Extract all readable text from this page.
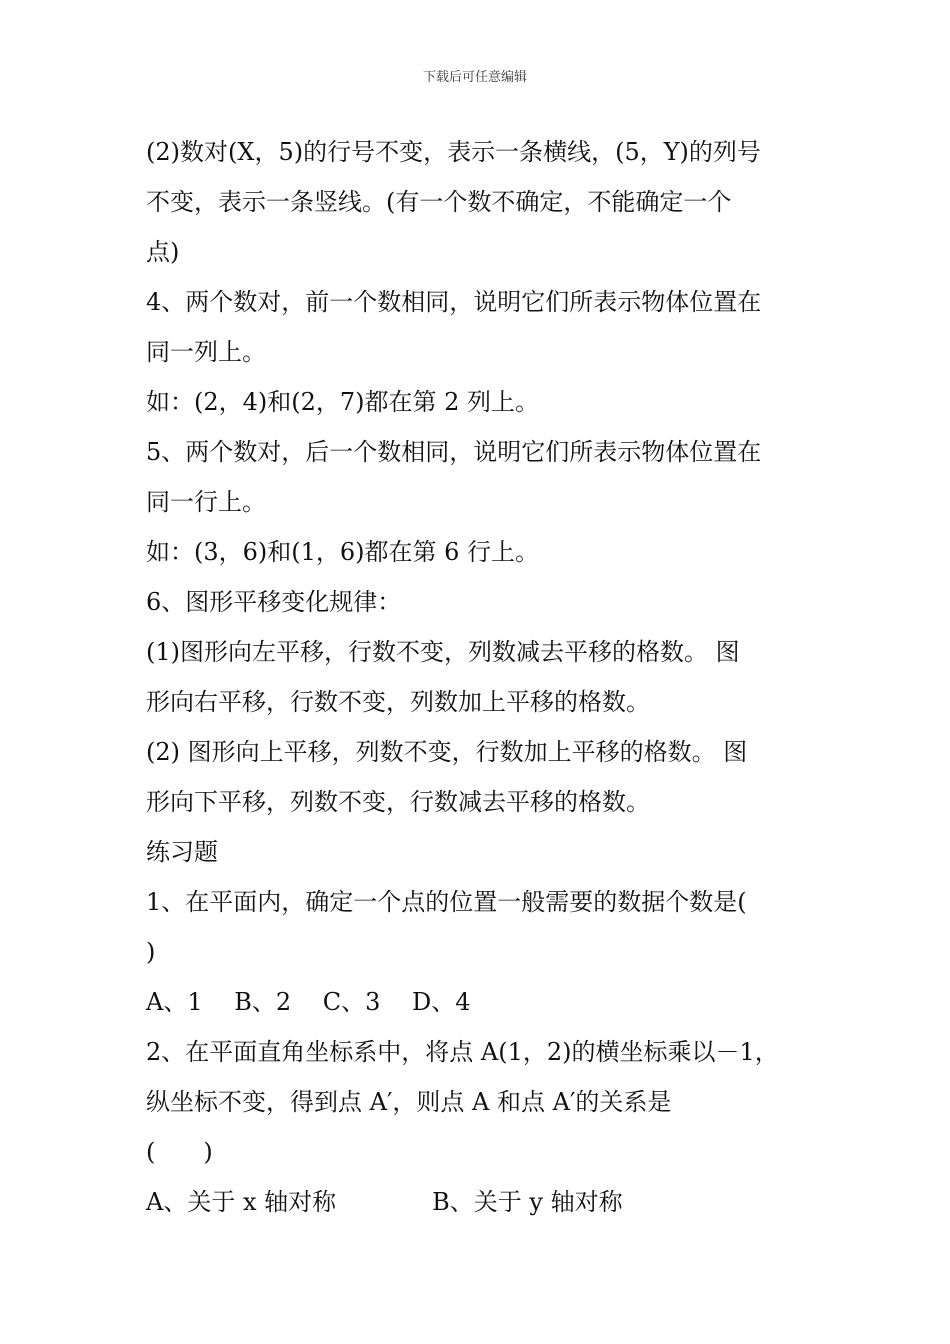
下载后可任意编辑
(2)数对(X，5)的行号不变，表示一条横线，(5，Y)的列号
不变，表示一条竖线。(有一个数不确定，不能确定一个
点)
4、两个数对，前一个数相同，说明它们所表示物体位置在
同一列上。
如：(2，4)和(2，7)都在第 2 列上。
5、两个数对，后一个数相同，说明它们所表示物体位置在
同一行上。
如：(3，6)和(1，6)都在第 6 行上。
6、图形平移变化规律：
(1)图形向左平移，行数不变，列数减去平移的格数。 图
形向右平移，行数不变，列数加上平移的格数。
(2) 图形向上平移，列数不变，行数加上平移的格数。 图
形向下平移，列数不变，行数减去平移的格数。
练习题
1、在平面内，确定一个点的位置一般需要的数据个数是(
)
A、1　 B、2　 C、3　 D、4
2、在平面直角坐标系中，将点 A(1，2)的横坐标乘以－1，
纵坐标不变，得到点 A′，则点 A 和点 A′的关系是
(　　)
A、关于 x 轴对称　　　　B、关于 y 轴对称
